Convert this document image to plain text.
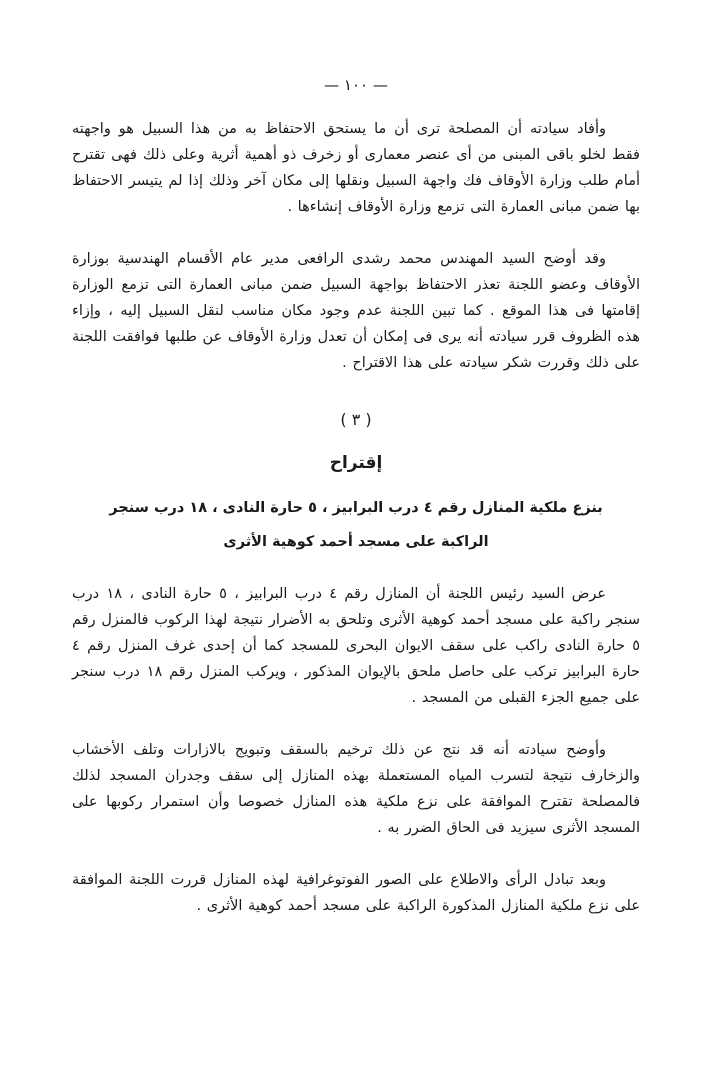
— ١٠٠ —

وأفاد سيادته أن المصلحة ترى أن ما يستحق الاحتفاظ به من هذا السبيل هو واجهته فقط لخلو باقى المبنى من أى عنصر معمارى أو زخرف ذو أهمية أثرية وعلى ذلك فهى تقترح أمام طلب وزارة الأوقاف فك واجهة السبيل ونقلها إلى مكان آخر وذلك إذا لم يتيسر الاحتفاظ بها ضمن مبانى العمارة التى تزمع وزارة الأوقاف إنشاءها .

وقد أوضح السيد المهندس محمد رشدى الرافعى مدير عام الأقسام الهندسية بوزارة الأوقاف وعضو اللجنة تعذر الاحتفاظ بواجهة السبيل ضمن مبانى العمارة التى تزمع الوزارة إقامتها فى هذا الموقع . كما تبين اللجنة عدم وجود مكان مناسب لنقل السبيل إليه ، وإزاء هذه الظروف قرر سيادته أنه يرى فى إمكان أن تعدل وزارة الأوقاف عن طلبها فوافقت اللجنة على ذلك وقررت شكر سيادته على هذا الاقتراح .

( ٣ )
إقتراح
بنزع ملكية المنازل رقم ٤ درب البرابيز ، ٥ حارة النادى ، ١٨ درب سنجر
الراكبة على مسجد أحمد كوهية الأثرى

عرض السيد رئيس اللجنة أن المنازل رقم ٤ درب البرابيز ، ٥ حارة النادى ، ١٨ درب سنجر راكبة على مسجد أحمد كوهية الأثرى وتلحق به الأضرار نتيجة لهذا الركوب فالمنزل رقم ٥ حارة النادى راكب على سقف الايوان البحرى للمسجد كما أن إحدى غرف المنزل رقم ٤ حارة البرابيز تركب على حاصل ملحق بالإيوان المذكور ، ويركب المنزل رقم ١٨ درب سنجر على جميع الجزء القبلى من المسجد .

وأوضح سيادته أنه قد نتج عن ذلك ترخيم بالسقف وتبويج بالازارات وتلف الأخشاب والزخارف نتيجة لتسرب المياه المستعملة بهذه المنازل إلى سقف وجدران المسجد لذلك فالمصلحة تقترح الموافقة على نزع ملكية هذه المنازل خصوصا وأن استمرار ركوبها على المسجد الأثرى سيزيد فى الحاق الضرر به .

وبعد تبادل الرأى والاطلاع على الصور الفوتوغرافية لهذه المنازل قررت اللجنة الموافقة على نزع ملكية المنازل المذكورة الراكبة على مسجد أحمد كوهية الأثرى .
